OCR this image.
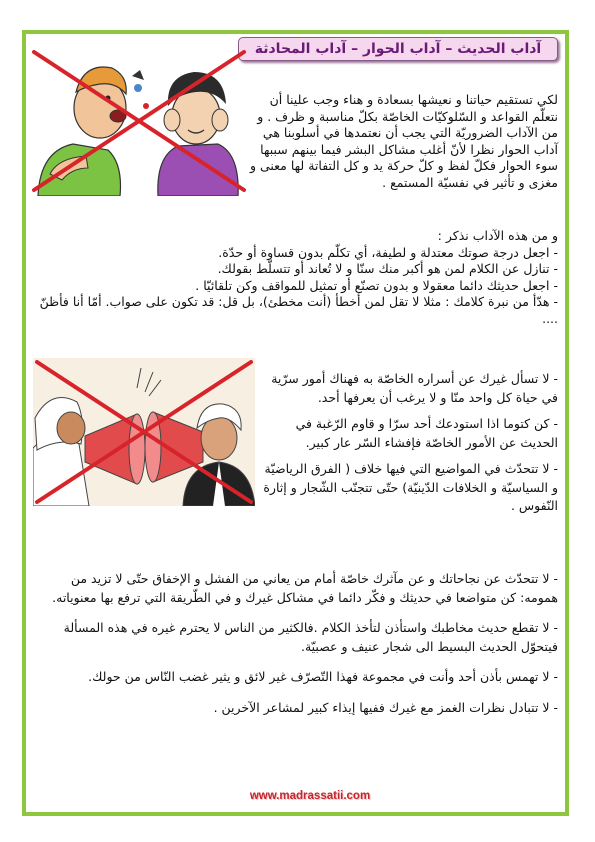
آداب الحديث – آداب الحوار – آداب المحادثة

لكي تستقيم حياتنا و نعيشها بسعادة و هناء وجب علينا أن نتعلّم القواعد و السّلوكيّات الخاصّة بكلّ مناسبة و ظرف . و من الآداب الضروريّة التي يجب أن نعتمدها في أسلوبنا هي آداب الحوار نظرا لأنّ أغلب مشاكل البشر فيما بينهم سببها سوء الحوار فكلّ لفظ و كلّ حركة يد و كل التفاتة لها معنى و مغزى و تأثير في نفسيّة المستمع .

و من هذه الآداب نذكر :

- اجعل درجة صوتك معتدلة و لطيفة، أي تكلّم بدون قساوة أو حدّة.

- تنازل عن الكلام لمن هو أكبر منك سنّا و لا تُعاند أو تتسلّط بقولك.

- اجعل حديثك دائما معقولا و بدون تصنّع أو تمثيل للمواقف وكن تلقائيّا .

- هدّأ من نبرة كلامك : مثلا لا تقل لمن أخطأ (أنت مخطئ)، بل قل: قد تكون على صواب. أمّا أنا فأظنّ ....

- لا تسأل غيرك عن أسراره الخاصّة به فهناك أمور سرّية في حياة كل واحد منّا و لا يرغب أن يعرفها أحد.

- كن كتوما اذا استودعك أحد سرّا و قاوم الرّغبة في الحديث عن الأمور الخاصّة فإفشاء السّر عار كبير.

- لا تتحدّث في المواضيع التي فيها خلاف ( الفرق الرياضيّة و السياسيّة و الخلافات الدّينيّة) حتّى تتجنّب الشّجار و إثارة النّفوس .

- لا تتحدّث عن نجاحاتك و عن مآثرك خاصّة أمام من يعاني من الفشل و الإخفاق حتّى لا تزيد من همومه: كن متواضعا في حديثك و فكّر دائما في مشاكل غيرك و في الطّريقة التي ترفع بها معنوياته.

- لا تقطع حديث مخاطبك واستأذن لتأخذ الكلام .فالكثير من الناس لا يحترم غيره في هذه المسألة فيتحوّل الحديث البسيط الى شجار عنيف و عصبيّة.

- لا تهمس بأذن أحد وأنت في مجموعة فهذا التّصرّف غير لائق و يثير غضب النّاس من حولك.

- لا تتبادل نظرات الغمز مع غيرك ففيها إيذاء كبير لمشاعر الآخرين .

www.madrassatii.com
